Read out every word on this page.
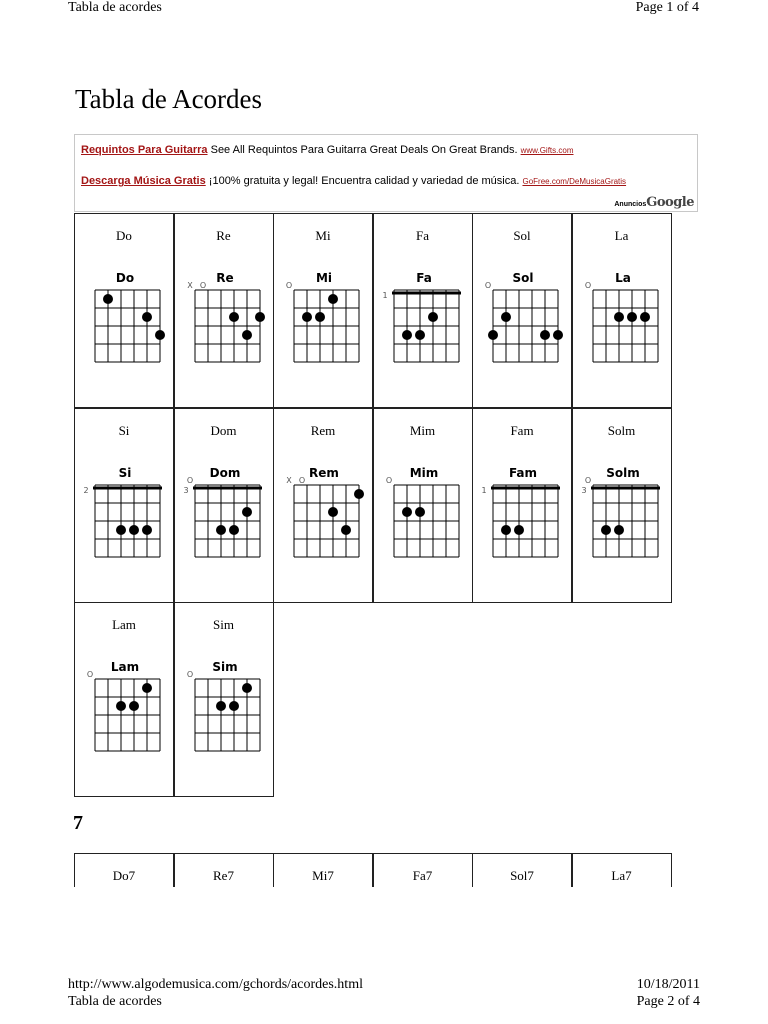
Tabla de acordes	Page 1 of 4
Tabla de Acordes
Requintos Para Guitarra See All Requintos Para Guitarra Great Deals On Great Brands. www.Gifts.com
Descarga Música Gratis ¡100% gratuita y legal! Encuentra calidad y variedad de música. GoFree.com/DeMusicaGratis
AnunciosGoogle
Do
Do
Re
Re
X O
Mi
Mi
O
Fa
Fa
1
Sol
Sol
O
La
La
O
Si
Si
2
Dom
Dom
O
3
Rem
Rem
X O
Mim
Mim
O
Fam
Fam
1
Solm
Solm
O
3
Lam
Lam
O
Sim
Sim
O
7
Do7	Re7	Mi7	Fa7	Sol7	La7
http://www.algodemusica.com/gchords/acordes.html	10/18/2011
Tabla de acordes	Page 2 of 4
